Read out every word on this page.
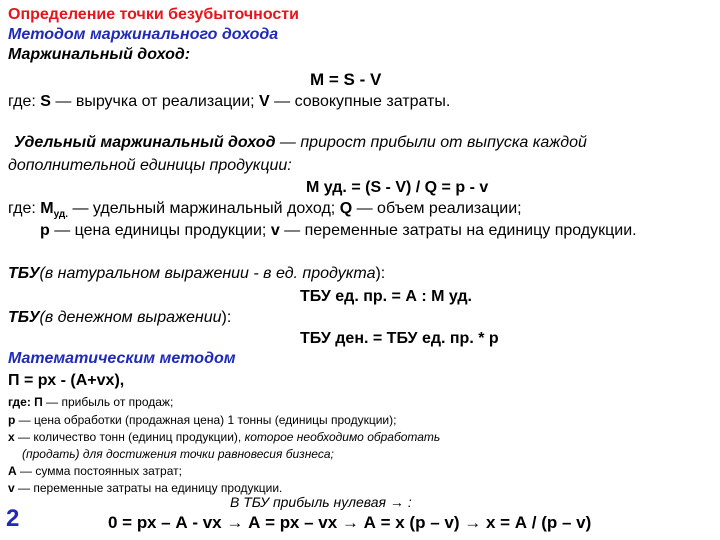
Определение точки безубыточности
Методом маржинального дохода
Маржинальный доход:
M = S - V
где: S — выручка от реализации; V — совокупные затраты.
Удельный маржинальный доход — прирост прибыли от выпуска каждой
дополнительной единицы продукции:
M уд. = (S - V) / Q = p - v
где: $M_{уд.}$ — удельный маржинальный доход; Q — объем реализации;
p — цена единицы продукции; v — переменные затраты на единицу продукции.
ТБУ(в натуральном выражении - в ед. продукта):
ТБУ ед. пр. = А : М уд.
ТБУ(в денежном выражении):
ТБУ ден. = ТБУ ед. пр. * р
Математическим методом
П = рх - (А+vх),
где: П — прибыль от продаж;
р — цена обработки (продажная цена) 1 тонны (единицы продукции);
х — количество тонн (единиц продукции), которое необходимо обработать
(продать) для достижения точки равновесия бизнеса;
А — сумма постоянных затрат;
v — переменные затраты на единицу продукции.
В ТБУ прибыль нулевая → :
2	0 = рх – А - vх → А = рх – vх → А = х (р – v) → х = А / (р – v)
